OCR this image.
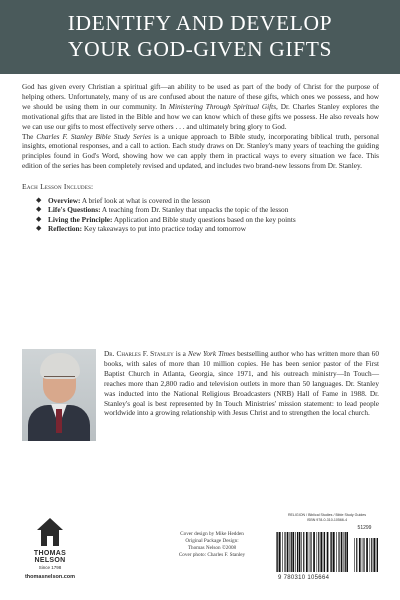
IDENTIFY AND DEVELOP
YOUR GOD-GIVEN GIFTS

God has given every Christian a spiritual gift—an ability to be used as part of the body of Christ for the purpose of helping others. Unfortunately, many of us are confused about the nature of these gifts, which ones we possess, and how we should be using them in our community. In Ministering Through Spiritual Gifts, Dr. Charles Stanley explores the motivational gifts that are listed in the Bible and how we can know which of these gifts we possess. He also reveals how we can use our gifts to most effectively serve others . . . and ultimately bring glory to God.

The Charles F. Stanley Bible Study Series is a unique approach to Bible study, incorporating biblical truth, personal insights, emotional responses, and a call to action. Each study draws on Dr. Stanley's many years of teaching the guiding principles found in God's Word, showing how we can apply them in practical ways to every situation we face. This edition of the series has been completely revised and updated, and includes two brand-new lessons from Dr. Stanley.

Each Lesson Includes:
◆ Overview: A brief look at what is covered in the lesson
◆ Life's Questions: A teaching from Dr. Stanley that unpacks the topic of the lesson
◆ Living the Principle: Application and Bible study questions based on the key points
◆ Reflection: Key takeaways to put into practice today and tomorrow

Dr. Charles F. Stanley is a New York Times bestselling author who has written more than 60 books, with sales of more than 10 million copies. He has been senior pastor of the First Baptist Church in Atlanta, Georgia, since 1971, and his outreach ministry—In Touch—reaches more than 2,800 radio and television outlets in more than 50 languages. Dr. Stanley was inducted into the National Religious Broadcasters (NRB) Hall of Fame in 1988. Dr. Stanley's goal is best represented by In Touch Ministries' mission statement: to lead people worldwide into a growing relationship with Jesus Christ and to strengthen the local church.

THOMAS NELSON
Since 1798
thomasnelson.com
Cover design by Mike Hedden
Original Package Design:
Thomas Nelson ©2008
Cover photo: Charles F. Stanley
RELIGION / Biblical Studies / Bible Study Guides
ISBN 978-0-310-10566-4
51299
9 780310 105664
